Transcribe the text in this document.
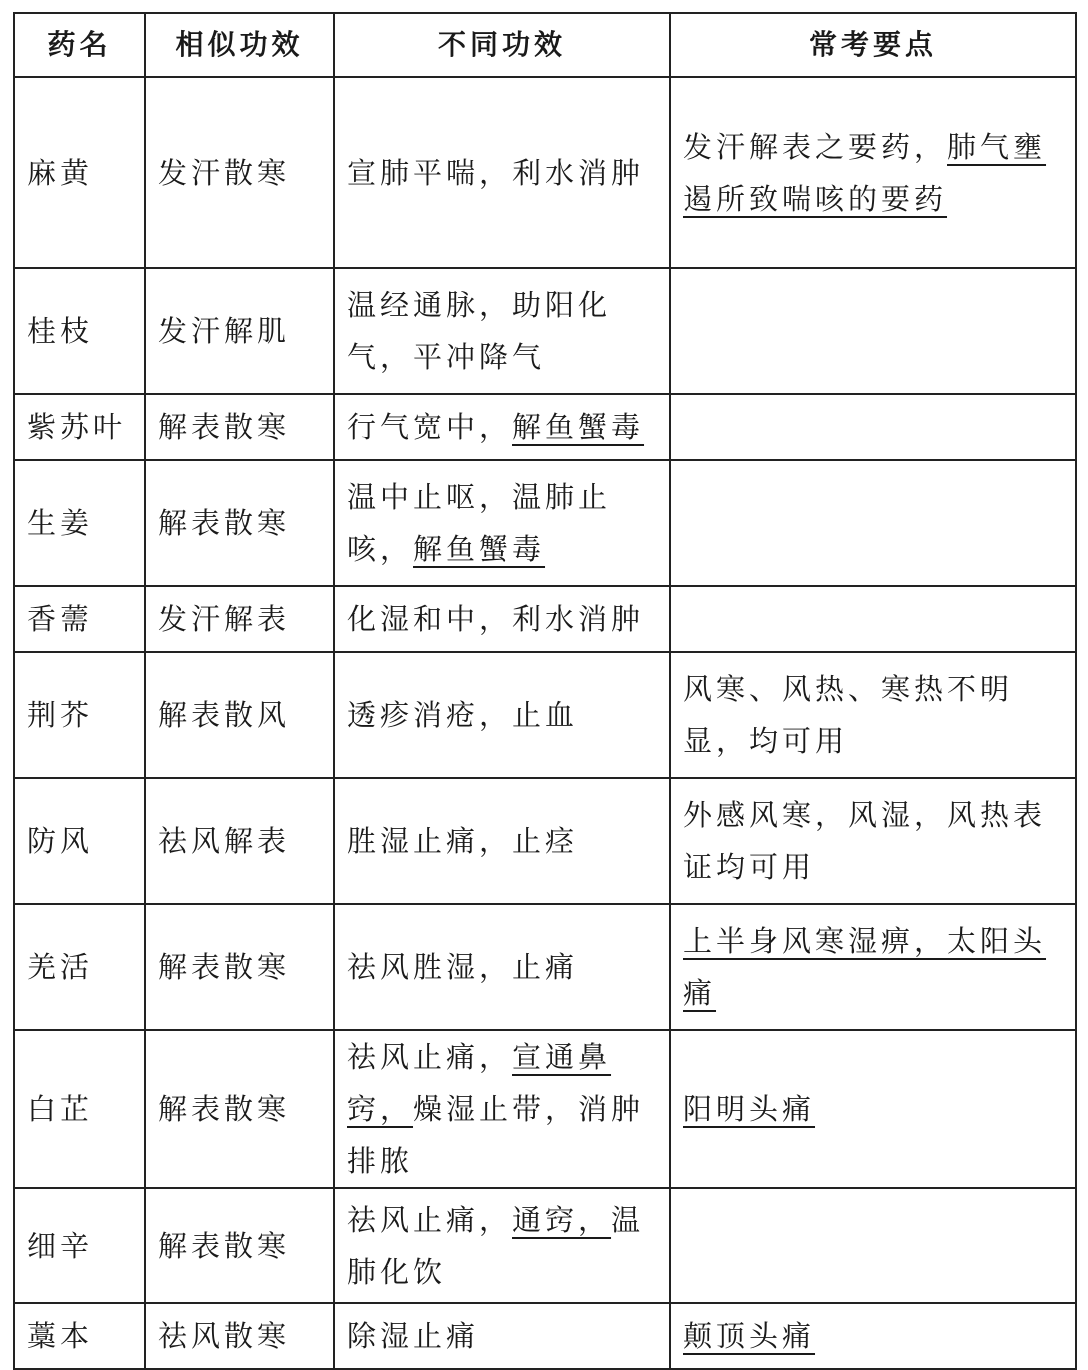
药名	相似功效	不同功效	常考要点
麻黄	发汗散寒	宣肺平喘，利水消肿	发汗解表之要药，肺气壅遏所致喘咳的要药
桂枝	发汗解肌	温经通脉，助阳化气，平冲降气	
紫苏叶	解表散寒	行气宽中，解鱼蟹毒	
生姜	解表散寒	温中止呕，温肺止咳，解鱼蟹毒	
香薷	发汗解表	化湿和中，利水消肿	
荆芥	解表散风	透疹消疮，止血	风寒、风热、寒热不明显，均可用
防风	祛风解表	胜湿止痛，止痉	外感风寒，风湿，风热表证均可用
羌活	解表散寒	祛风胜湿，止痛	上半身风寒湿痹，太阳头痛
白芷	解表散寒	祛风止痛，宣通鼻窍，燥湿止带，消肿排脓	阳明头痛
细辛	解表散寒	祛风止痛，通窍，温肺化饮	
藁本	祛风散寒	除湿止痛	颠顶头痛
